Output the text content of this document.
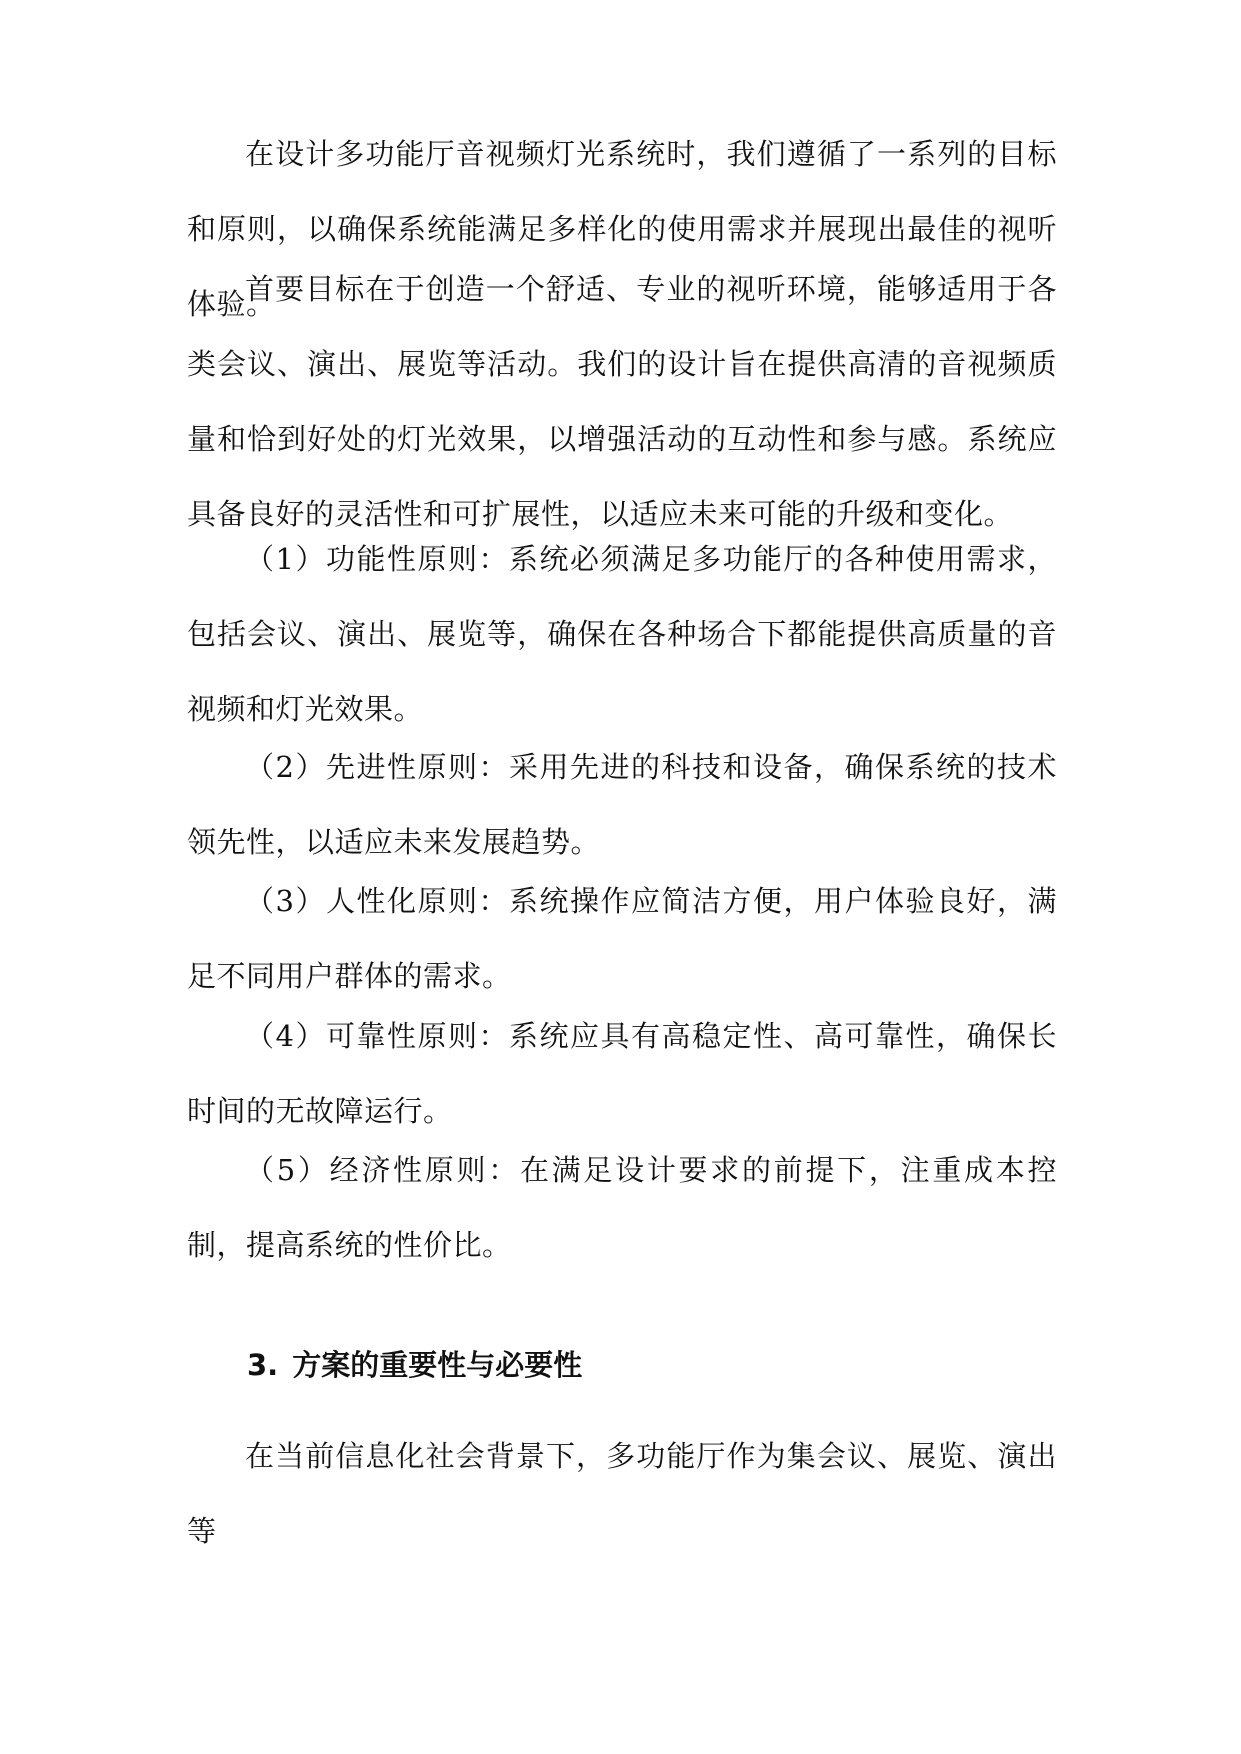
在设计多功能厅音视频灯光系统时，我们遵循了一系列的目标和原则，以确保系统能满足多样化的使用需求并展现出最佳的视听体验。

首要目标在于创造一个舒适、专业的视听环境，能够适用于各类会议、演出、展览等活动。我们的设计旨在提供高清的音视频质量和恰到好处的灯光效果，以增强活动的互动性和参与感。系统应具备良好的灵活性和可扩展性，以适应未来可能的升级和变化。

（1）功能性原则：系统必须满足多功能厅的各种使用需求，包括会议、演出、展览等，确保在各种场合下都能提供高质量的音视频和灯光效果。

（2）先进性原则：采用先进的科技和设备，确保系统的技术领先性，以适应未来发展趋势。

（3）人性化原则：系统操作应简洁方便，用户体验良好，满足不同用户群体的需求。

（4）可靠性原则：系统应具有高稳定性、高可靠性，确保长时间的无故障运行。

（5）经济性原则：在满足设计要求的前提下，注重成本控制，提高系统的性价比。

3. 方案的重要性与必要性

在当前信息化社会背景下，多功能厅作为集会议、展览、演出等
